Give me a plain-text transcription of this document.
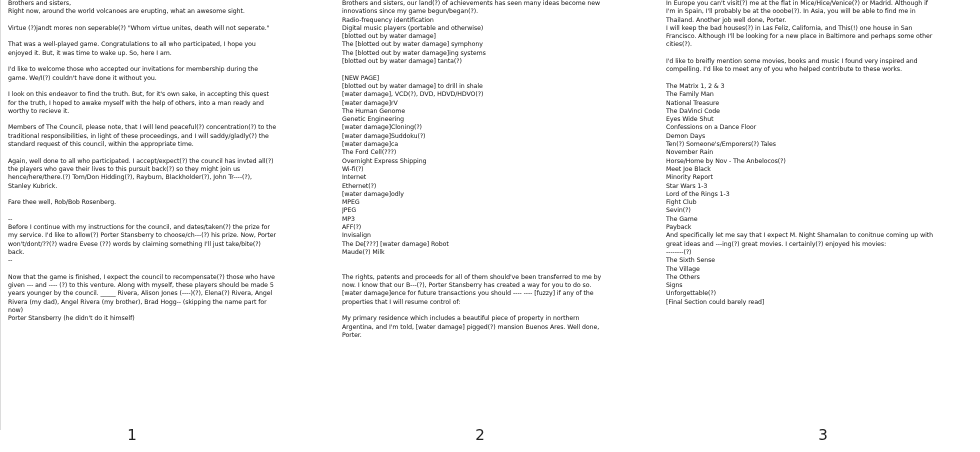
Brothers and sisters,

Right now, around the world volcanoes are erupting, what an awesome sight.

Virtue (?)jandt mores non seperable(?) "Whom virtue unites, death will not seperate."

That was a well-played game. Congratulations to all who participated, I hope you

enjoyed it. But, it was time to wake up. So, here I am.

I'd like to welcome those who accepted our invitations for membership during the

game. We/I(?) couldn't have done it without you.

I look on this endeavor to find the truth. But, for it's own sake, in accepting this quest

for the truth, I hoped to awake myself with the help of others, into a man ready and

worthy to recieve it.

Members of The Council, please note, that I will lend peaceful(?) concentration(?) to the

traditional responsibilities, in light of these proceedings, and I will saddy/gladly(?) the

standard request of this council, within the appropriate time.

Again, well done to all who participated. I accept/expect(?) the council has invted all(?)

the players who gave their lives to this pursuit back(?) so they might join us

hence/here/there.(?) Tom/Don Hidding(?), Rayburn, Blackholder(?), John Tr----(?),

Stanley Kubrick.

Fare thee well, Rob/Bob Rosenberg.

--

Before I continue with my instructions for the council, and dates/taken(?) the prize for

my service. I'd like to allow(?) Porter Stansberry to choose/ch---(?) his prize. Now, Porter

won't/dont/??(?) wadre Evese (??) words by claiming something I'll just take/bite(?)

back.

--

Now that the game is finished, I expect the council to recompensate(?) those who have

given --- and ---- (?) to this venture. Along with myself, these players should be made 5

years younger by the council. _____ Rivera, Alison Jones (----)(?), Elena(?) Rivera, Angel

Rivera (my dad), Angel Rivera (my brother), Brad Hogg-- (skipping the name part for

now)

Porter Stansberry (he didn't do it himself)

Brothers and sisters, our land(?) of achievements has seen many ideas become new

innovations since my game begun/began(?).

Radio-frequency identification

Digital music players (portable and otherwise)

[blotted out by water damage]

The [blotted out by water damage] symphony

The [blotted out by water damage]ing systems

[blotted out by water damage] tanta(?)

[NEW PAGE]

[blotted out by water damage] to drill in shale

[water damage], VCD(?), DVD, HDVD/HDVO(?)

[water damage]rV

The Human Genome

Genetic Engineering

[water damage]Cloning(?)

[water damage]Suddoku(?)

[water damage]ca

The Ford Cell(???)

Overnight Express Shipping

Wi-fi(?)

Internet

Ethernet(?)

[water damage]odly

MPEG

JPEG

MP3

AFF(?)

Invisalign

The De[???] [water damage] Robot

Maude(?) Milk

The rights, patents and proceeds for all of them should've been transferred to me by

now. I know that our B---(?), Porter Stansberry has created a way for you to do so.

[water damage]ence for future transactions you should ---- ---- [fuzzy] if any of the

properties that I will resume control of:

My primary residence which includes a beautiful piece of property in northern

Argentina, and I'm told, [water damage] pigged(?) mansion Buenos Ares. Well done,

Porter.

In Europe you can't visit(?) me at the flat in Mice/Hice/Venice(?) or Madrid. Although if

I'm in Spain, I'll probably be at the ooobe(?). In Asia, you will be able to find me in

Thailand. Another job well done, Porter.

I will keep the bad houses(?) in Las Feliz, California, and This(!) one house in San

Francisco. Although I'll be looking for a new place in Baltimore and perhaps some other

cities(?).

I'd like to breifly mention some movies, books and music I found very inspired and

compelling. I'd like to meet any of you who helped contribute to these works.

The Matrix 1, 2 & 3

The Family Man

National Treasure

The DaVinci Code

Eyes Wide Shut

Confessions on a Dance Floor

Demon Days

Ten(?) Someone's/Emporers(?) Tales

November Rain

Horse/Home by Nov - The Anbelocos(?)

Meet Joe Black

Minority Report

Star Wars 1-3

Lord of the Rings 1-3

Fight Club

Sevin(?)

The Game

Payback

And specifically let me say that I expect M. Night Shamalan to conitnue coming up with

great ideas and ---ing(?) great movies. I certainly(?) enjoyed his movies:

--------(?)

The Sixth Sense

The Village

The Others

Signs

Unforgettable(?)

[Final Section could barely read]

1	2	3
